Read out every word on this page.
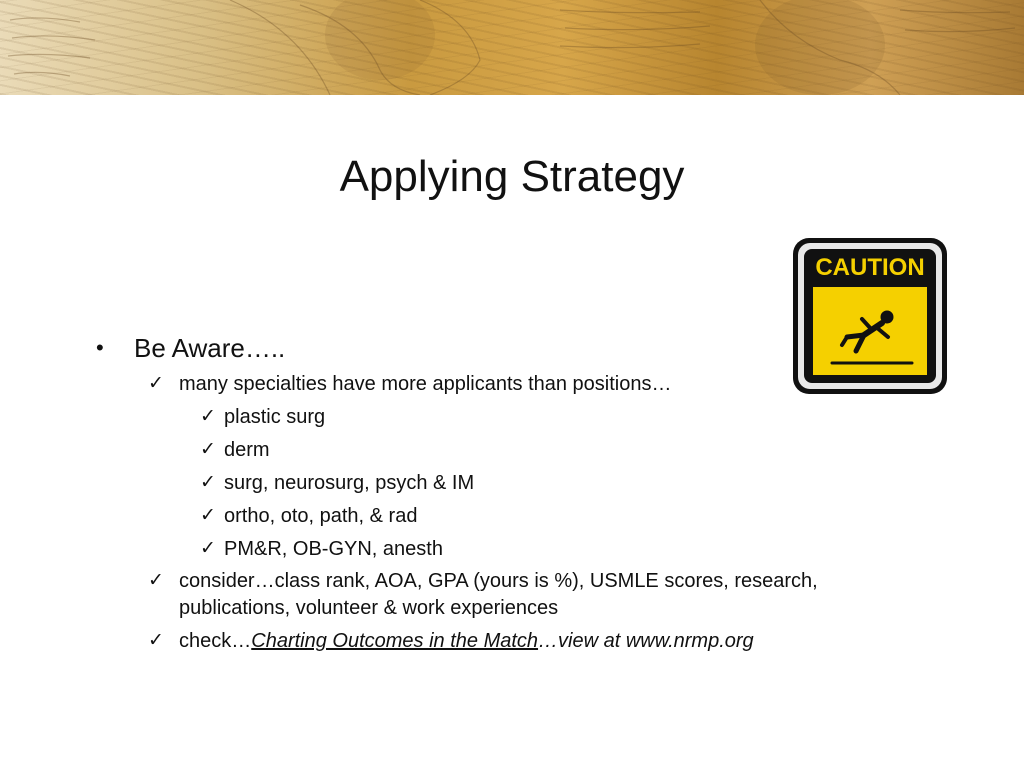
Applying Strategy
CAUTION
• Be Aware…..
✓ many specialties have more applicants than positions…
✓ plastic surg
✓ derm
✓ surg, neurosurg, psych & IM
✓ ortho, oto, path, & rad
✓ PM&R, OB-GYN, anesth
✓ consider…class rank, AOA, GPA (yours is %), USMLE scores, research,
publications, volunteer & work experiences
✓ check…Charting Outcomes in the Match…view at www.nrmp.org
